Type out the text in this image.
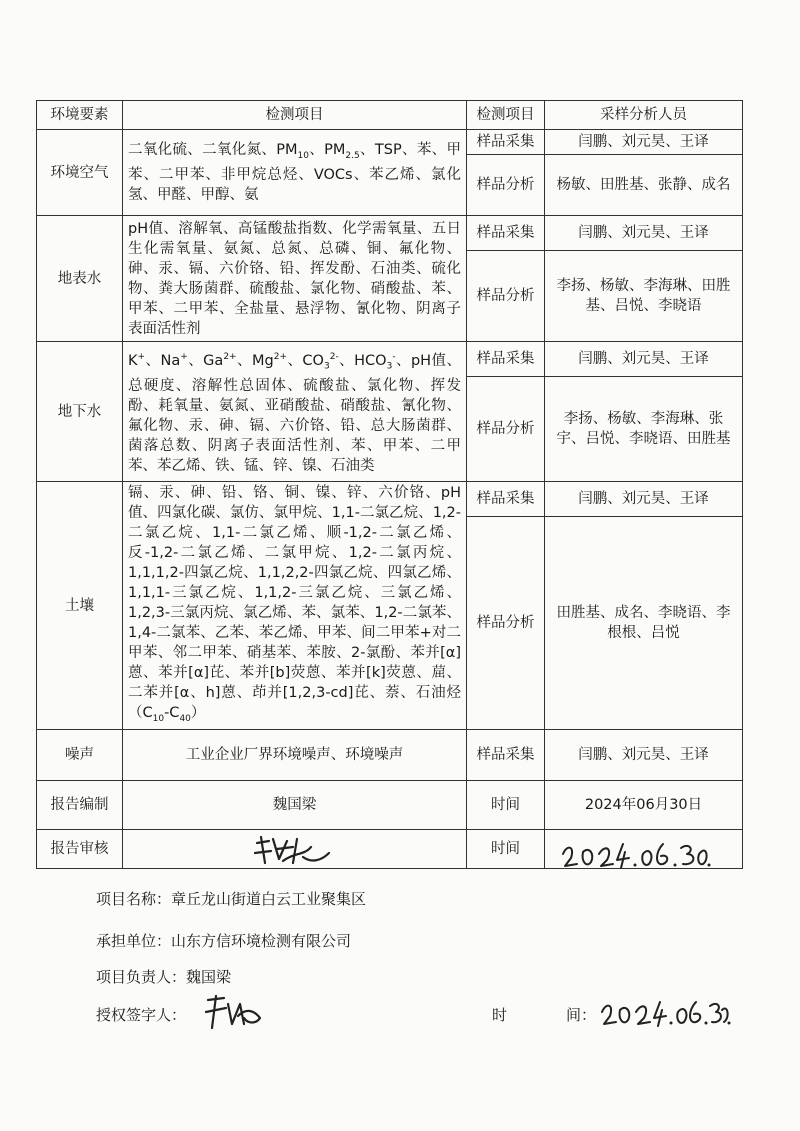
环境要素	检测项目	检测项目	采样分析人员
环境空气	二氧化硫、二氧化氮、$PM_{10}$、$PM_{2.5}$、TSP、苯、甲苯、二甲苯、非甲烷总烃、VOCs、苯乙烯、氯化氢、甲醛、甲醇、氨	样品采集	闫鹏、刘元昊、王译
		样品分析	杨敏、田胜基、张静、成名
地表水	pH值、溶解氧、高锰酸盐指数、化学需氧量、五日生化需氧量、氨氮、总氮、总磷、铜、氟化物、砷、汞、镉、六价铬、铅、挥发酚、石油类、硫化物、粪大肠菌群、硫酸盐、氯化物、硝酸盐、苯、甲苯、二甲苯、全盐量、悬浮物、氰化物、阴离子表面活性剂	样品采集	闫鹏、刘元昊、王译
		样品分析	李扬、杨敏、李海琳、田胜基、吕悦、李晓语
地下水	K+、Na+、$Ga^{2+}$、$Mg^{2+}$、$CO_3^{2-}$、$HCO_3^-$、pH值、总硬度、溶解性总固体、硫酸盐、氯化物、挥发酚、耗氧量、氨氮、亚硝酸盐、硝酸盐、氰化物、氟化物、汞、砷、镉、六价铬、铅、总大肠菌群、菌落总数、阴离子表面活性剂、苯、甲苯、二甲苯、苯乙烯、铁、锰、锌、镍、石油类	样品采集	闫鹏、刘元昊、王译
		样品分析	李扬、杨敏、李海琳、张宇、吕悦、李晓语、田胜基
土壤	镉、汞、砷、铅、铬、铜、镍、锌、六价铬、pH值、四氯化碳、氯仿、氯甲烷、1,1-二氯乙烷、1,2-二氯乙烷、1,1-二氯乙烯、顺-1,2-二氯乙烯、反-1,2-二氯乙烯、二氯甲烷、1,2-二氯丙烷、1,1,1,2-四氯乙烷、1,1,2,2-四氯乙烷、四氯乙烯、1,1,1-三氯乙烷、1,1,2-三氯乙烷、三氯乙烯、1,2,3-三氯丙烷、氯乙烯、苯、氯苯、1,2-二氯苯、1,4-二氯苯、乙苯、苯乙烯、甲苯、间二甲苯+对二甲苯、邻二甲苯、硝基苯、苯胺、2-氯酚、苯并[α]蒽、苯并[α]芘、苯并[b]荧蒽、苯并[k]荧蒽、䓛、二苯并[α、h]蒽、茚并[1,2,3-cd]芘、萘、石油烃$(C_{10}-C_{40})$	样品采集	闫鹏、刘元昊、王译
		样品分析	田胜基、成名、李晓语、李根根、吕悦
噪声	工业企业厂界环境噪声、环境噪声	样品采集	闫鹏、刘元昊、王译
报告编制	魏国梁	时间	2024年06月30日
报告审核		时间	
项目名称：章丘龙山街道白云工业聚集区
承担单位：山东方信环境检测有限公司
项目负责人：魏国梁
授权签字人：	时	间：
